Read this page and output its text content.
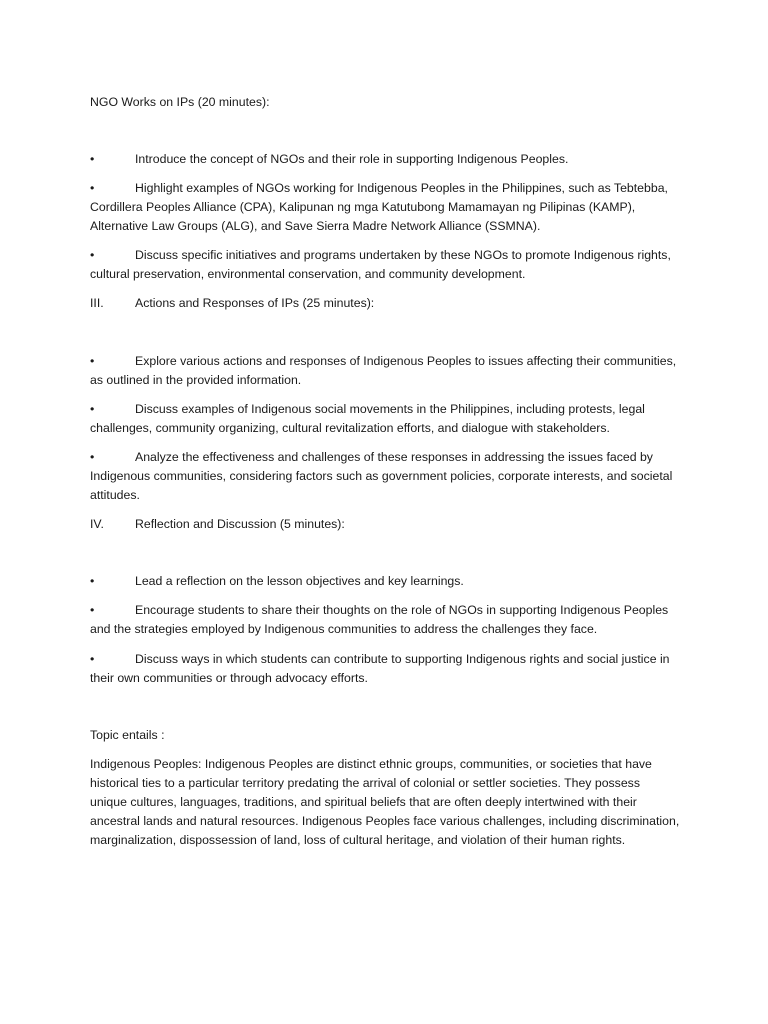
NGO Works on IPs (20 minutes):

•	Introduce the concept of NGOs and their role in supporting Indigenous Peoples.

•	Highlight examples of NGOs working for Indigenous Peoples in the Philippines, such as Tebtebba, Cordillera Peoples Alliance (CPA), Kalipunan ng mga Katutubong Mamamayan ng Pilipinas (KAMP), Alternative Law Groups (ALG), and Save Sierra Madre Network Alliance (SSMNA).

•	Discuss specific initiatives and programs undertaken by these NGOs to promote Indigenous rights, cultural preservation, environmental conservation, and community development.

III.	Actions and Responses of IPs (25 minutes):

•	Explore various actions and responses of Indigenous Peoples to issues affecting their communities, as outlined in the provided information.

•	Discuss examples of Indigenous social movements in the Philippines, including protests, legal challenges, community organizing, cultural revitalization efforts, and dialogue with stakeholders.

•	Analyze the effectiveness and challenges of these responses in addressing the issues faced by Indigenous communities, considering factors such as government policies, corporate interests, and societal attitudes.

IV.	Reflection and Discussion (5 minutes):

•	Lead a reflection on the lesson objectives and key learnings.

•	Encourage students to share their thoughts on the role of NGOs in supporting Indigenous Peoples and the strategies employed by Indigenous communities to address the challenges they face.

•	Discuss ways in which students can contribute to supporting Indigenous rights and social justice in their own communities or through advocacy efforts.

Topic entails :

Indigenous Peoples: Indigenous Peoples are distinct ethnic groups, communities, or societies that have historical ties to a particular territory predating the arrival of colonial or settler societies. They possess unique cultures, languages, traditions, and spiritual beliefs that are often deeply intertwined with their ancestral lands and natural resources. Indigenous Peoples face various challenges, including discrimination, marginalization, dispossession of land, loss of cultural heritage, and violation of their human rights.
